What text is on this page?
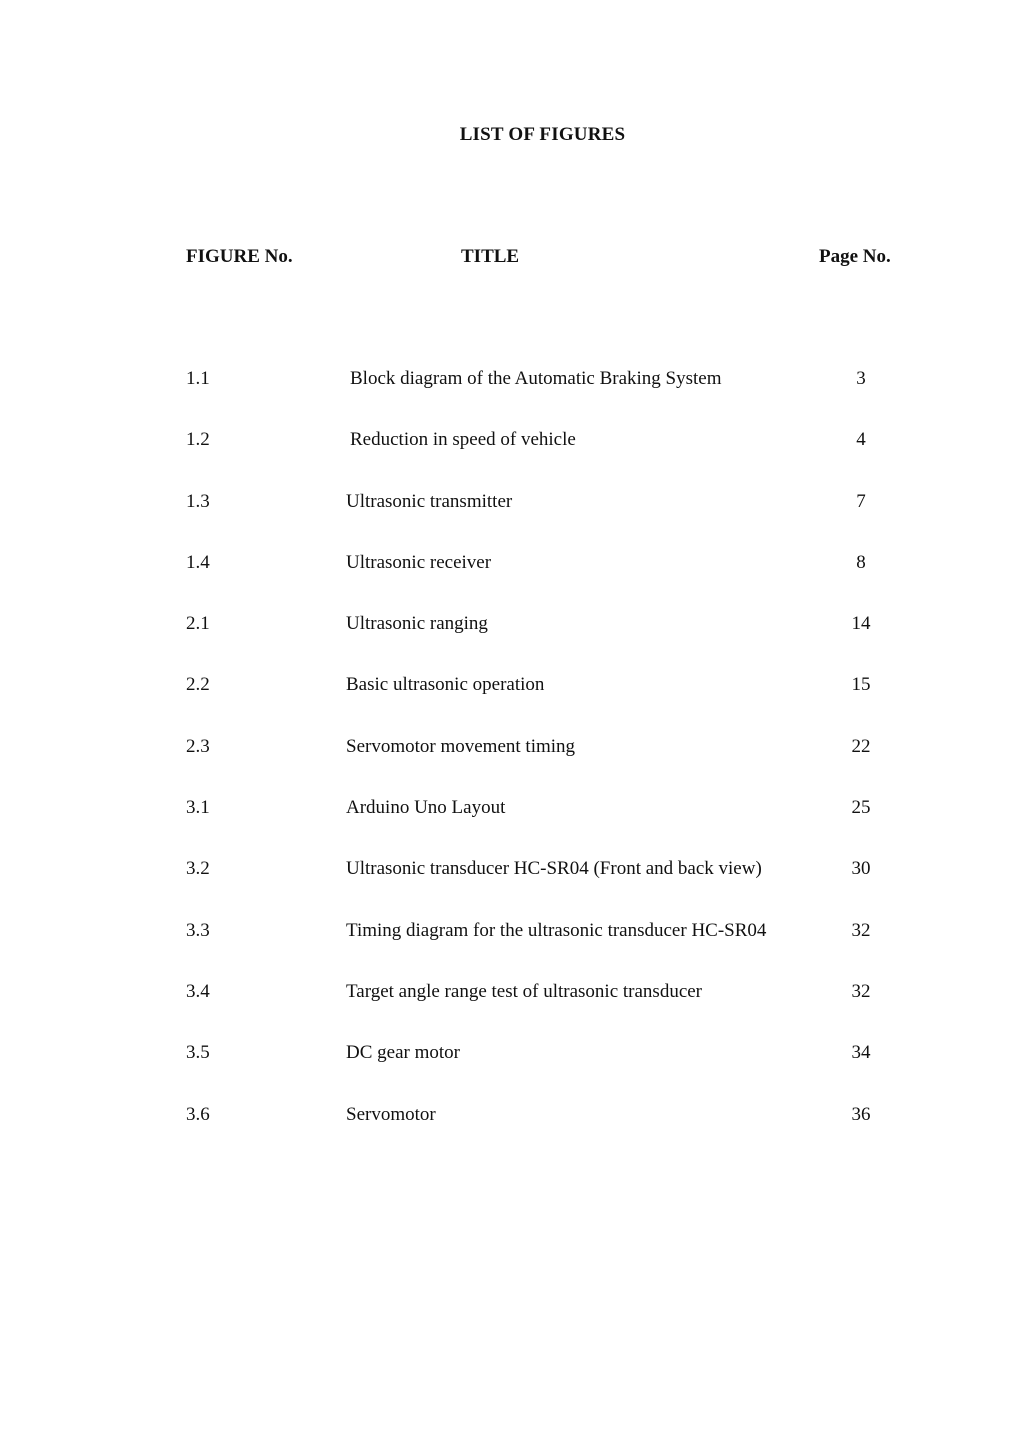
LIST OF FIGURES
FIGURE No.	TITLE	Page No.
1.1	Block diagram of the Automatic Braking System	3
1.2	Reduction in speed of vehicle	4
1.3	Ultrasonic transmitter	7
1.4	Ultrasonic receiver	8
2.1	Ultrasonic ranging	14
2.2	Basic ultrasonic operation	15
2.3	Servomotor movement timing	22
3.1	Arduino Uno Layout	25
3.2	Ultrasonic transducer HC-SR04 (Front and back view)	30
3.3	Timing diagram for the ultrasonic transducer HC-SR04	32
3.4	Target angle range test of ultrasonic transducer	32
3.5	DC gear motor	34
3.6	Servomotor	36
